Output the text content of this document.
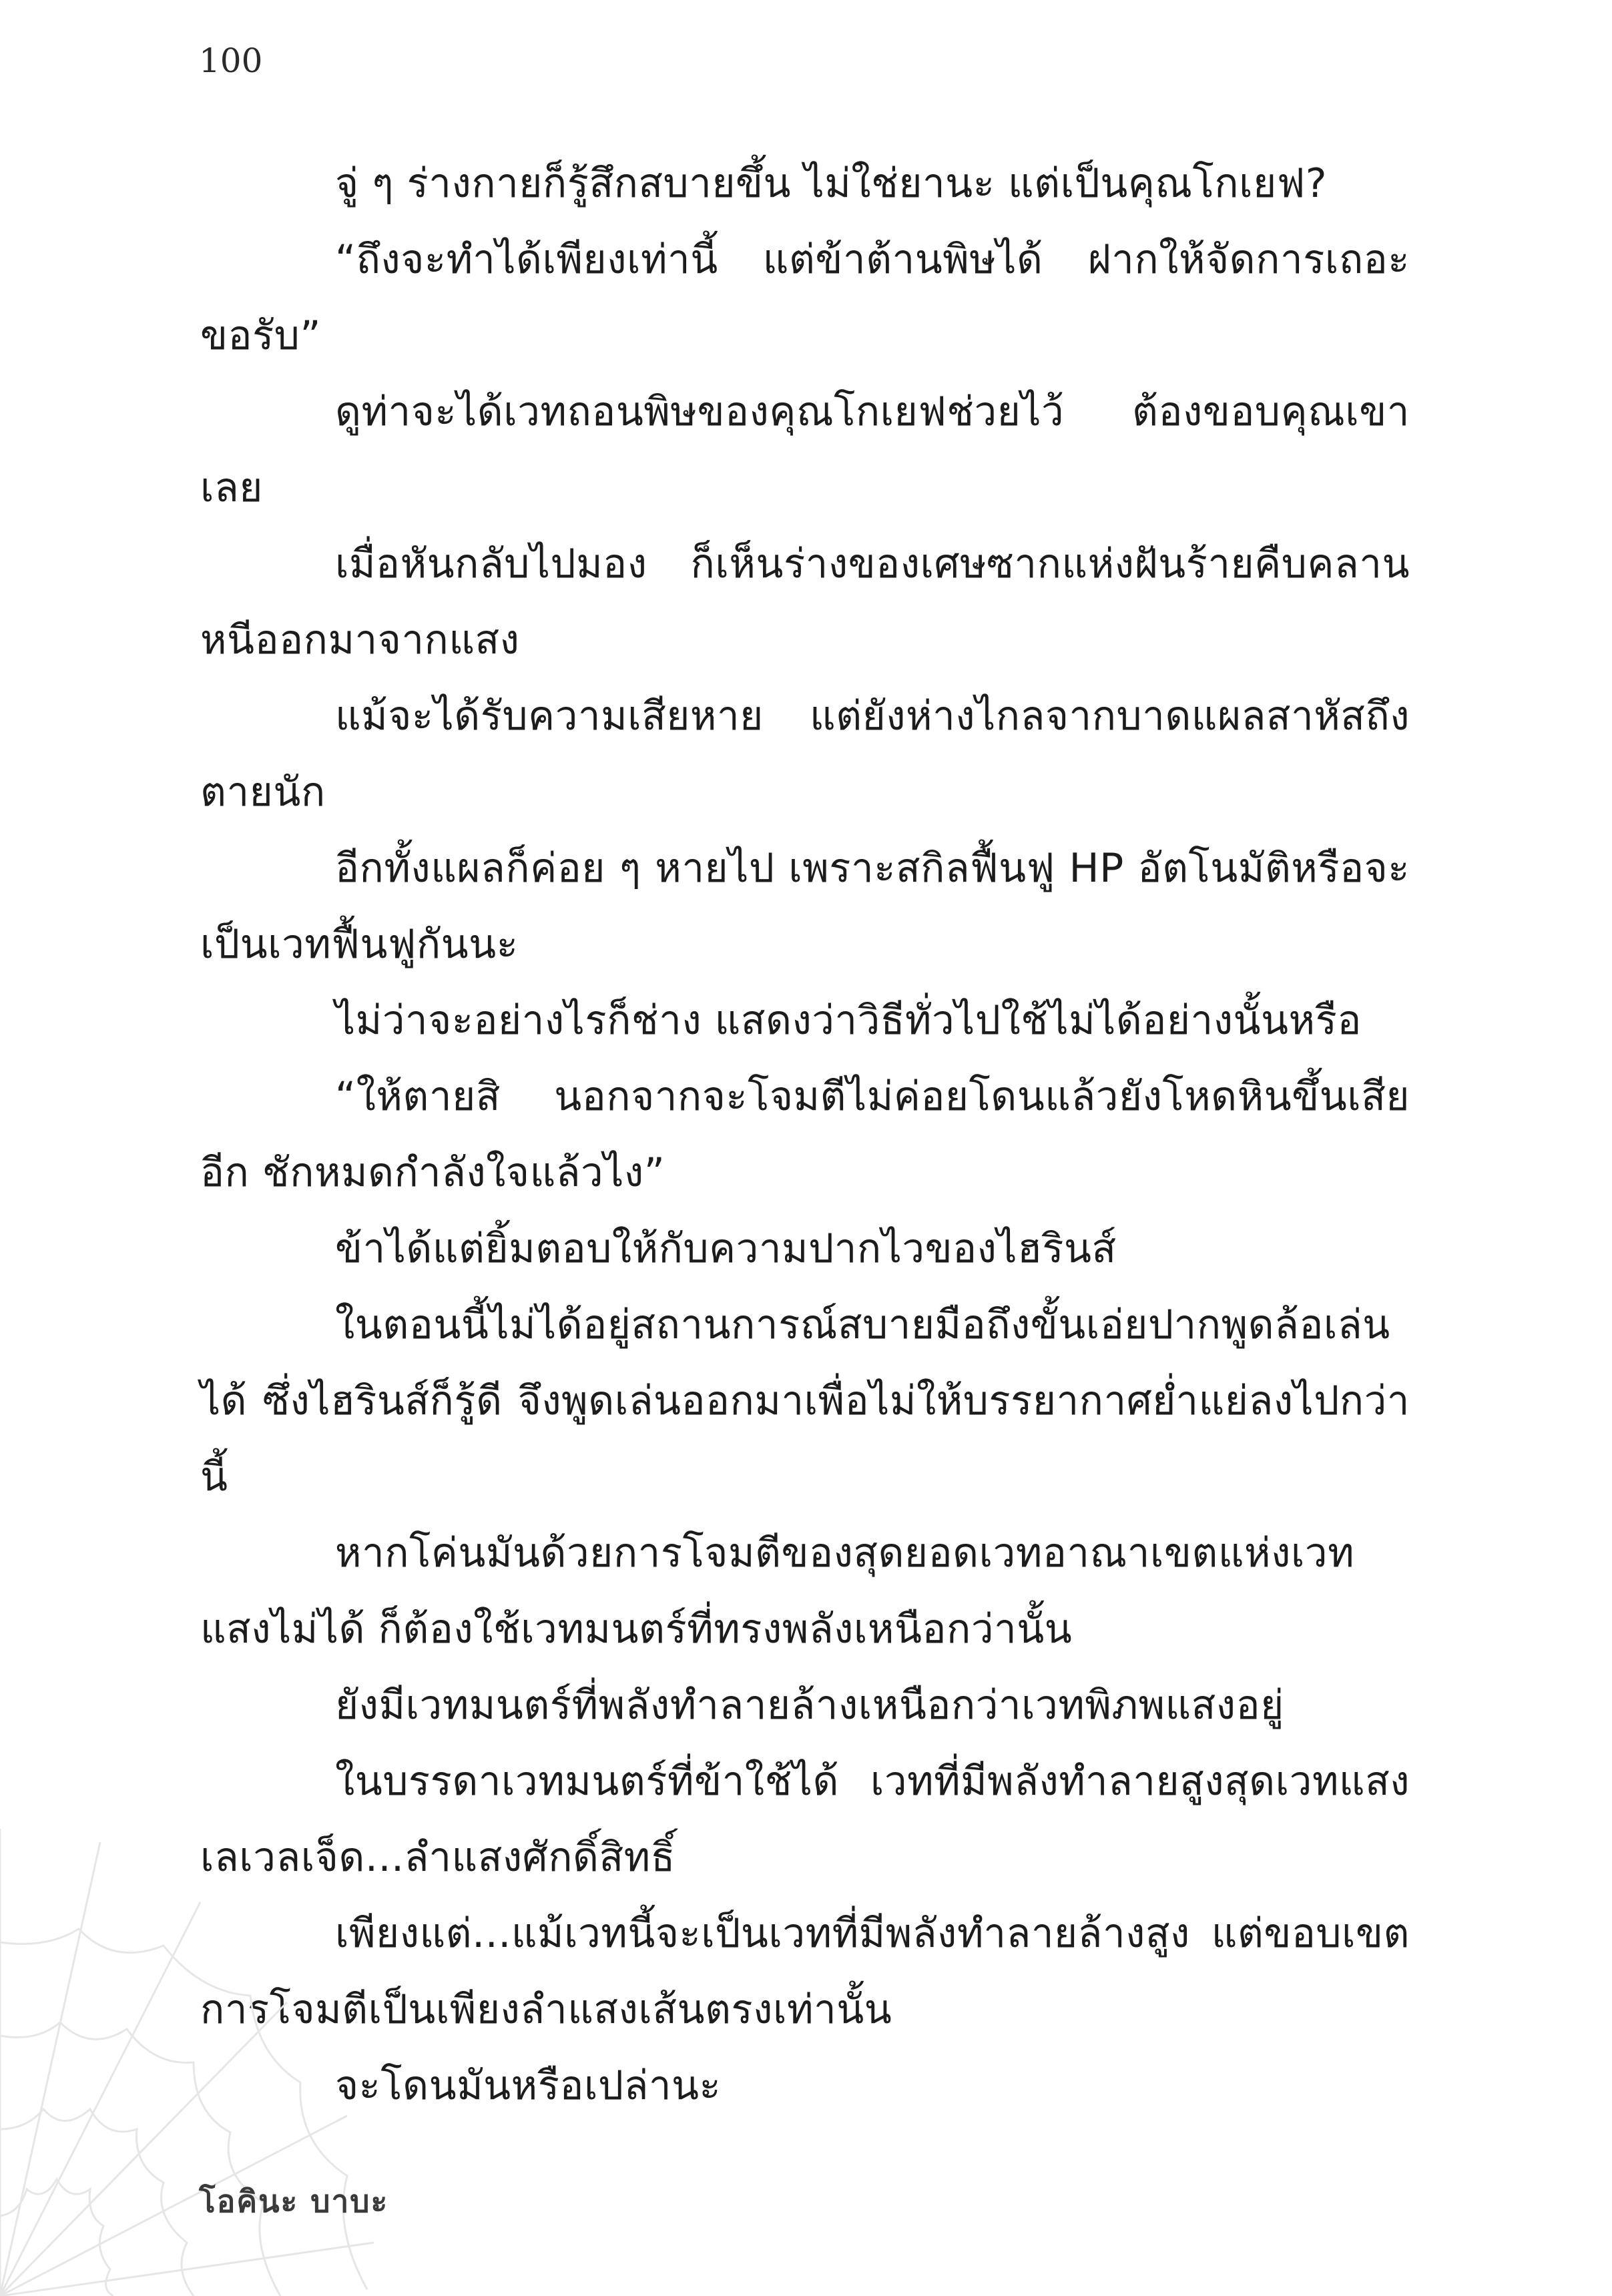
100

จู่ ๆ ร่างกายก็รู้สึกสบายขึ้น ไม่ใช่ยานะ แต่เป็นคุณโกเยฟ?

“ถึงจะทำได้เพียงเท่านี้ แต่ข้าต้านพิษได้ ฝากให้จัดการเถอะขอรับ”

ดูท่าจะได้เวทถอนพิษของคุณโกเยฟช่วยไว้ ต้องขอบคุณเขาเลย

เมื่อหันกลับไปมอง ก็เห็นร่างของเศษซากแห่งฝันร้ายคืบคลานหนีออกมาจากแสง

แม้จะได้รับความเสียหาย แต่ยังห่างไกลจากบาดแผลสาหัสถึงตายนัก

อีกทั้งแผลก็ค่อย ๆ หายไป เพราะสกิลฟื้นฟู HP อัตโนมัติหรือจะเป็นเวทฟื้นฟูกันนะ

ไม่ว่าจะอย่างไรก็ช่าง แสดงว่าวิธีทั่วไปใช้ไม่ได้อย่างนั้นหรือ

“ให้ตายสิ นอกจากจะโจมตีไม่ค่อยโดนแล้วยังโหดหินขึ้นเสียอีก ชักหมดกำลังใจแล้วไง”

ข้าได้แต่ยิ้มตอบให้กับความปากไวของไฮรินส์

ในตอนนี้ไม่ได้อยู่สถานการณ์สบายมือถึงขั้นเอ่ยปากพูดล้อเล่นได้ ซึ่งไฮรินส์ก็รู้ดี จึงพูดเล่นออกมาเพื่อไม่ให้บรรยากาศย่ำแย่ลงไปกว่านี้

หากโค่นมันด้วยการโจมตีของสุดยอดเวทอาณาเขตแห่งเวทแสงไม่ได้ ก็ต้องใช้เวทมนตร์ที่ทรงพลังเหนือกว่านั้น

ยังมีเวทมนตร์ที่พลังทำลายล้างเหนือกว่าเวทพิภพแสงอยู่

ในบรรดาเวทมนตร์ที่ข้าใช้ได้ เวทที่มีพลังทำลายสูงสุดเวทแสงเลเวลเจ็ด...ลำแสงศักดิ์สิทธิ์

เพียงแต่...แม้เวทนี้จะเป็นเวทที่มีพลังทำลายล้างสูง แต่ขอบเขตการโจมตีเป็นเพียงลำแสงเส้นตรงเท่านั้น

จะโดนมันหรือเปล่านะ

โอคินะ บาบะ
